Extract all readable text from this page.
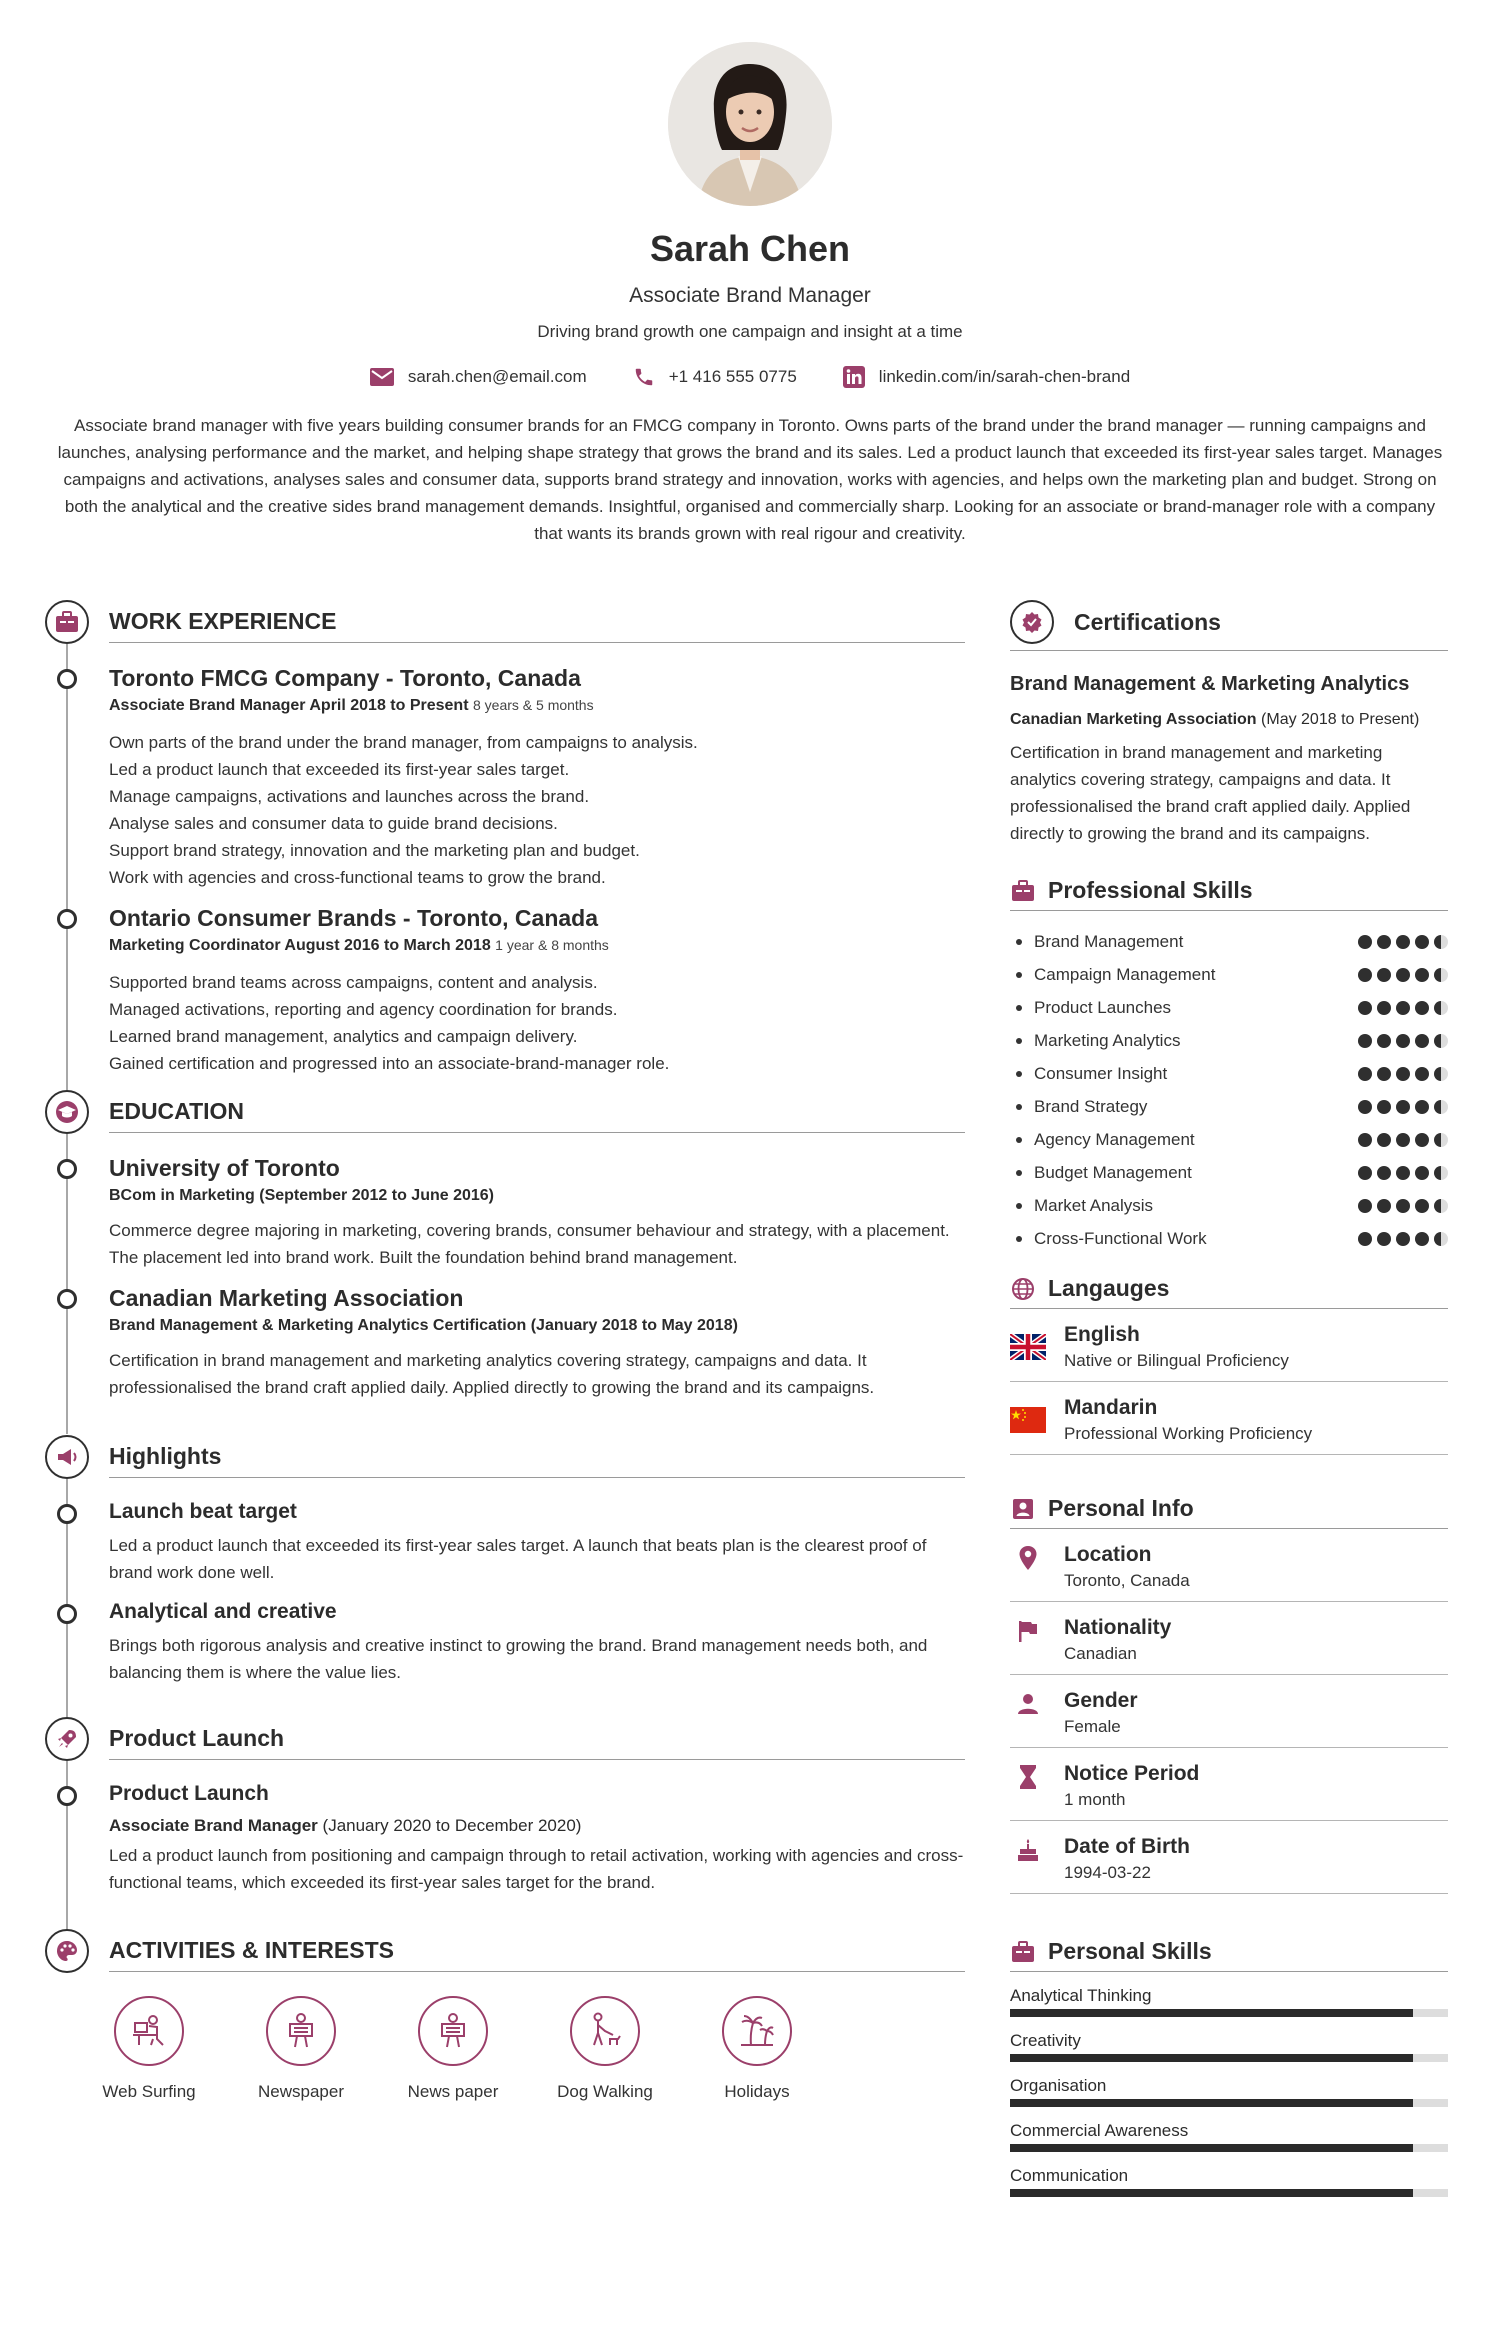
Sarah Chen
Associate Brand Manager
Driving brand growth one campaign and insight at a time
sarah.chen@email.com	+1 416 555 0775	linkedin.com/in/sarah-chen-brand
Associate brand manager with five years building consumer brands for an FMCG company in Toronto. Owns parts of the brand under the brand manager — running campaigns and launches, analysing performance and the market, and helping shape strategy that grows the brand and its sales. Led a product launch that exceeded its first-year sales target. Manages campaigns and activations, analyses sales and consumer data, supports brand strategy and innovation, works with agencies, and helps own the marketing plan and budget. Strong on both the analytical and the creative sides brand management demands. Insightful, organised and commercially sharp. Looking for an associate or brand-manager role with a company that wants its brands grown with real rigour and creativity.
WORK EXPERIENCE
Toronto FMCG Company - Toronto, Canada
Associate Brand Manager April 2018 to Present 8 years & 5 months
Own parts of the brand under the brand manager, from campaigns to analysis.
Led a product launch that exceeded its first-year sales target.
Manage campaigns, activations and launches across the brand.
Analyse sales and consumer data to guide brand decisions.
Support brand strategy, innovation and the marketing plan and budget.
Work with agencies and cross-functional teams to grow the brand.
Ontario Consumer Brands - Toronto, Canada
Marketing Coordinator August 2016 to March 2018 1 year & 8 months
Supported brand teams across campaigns, content and analysis.
Managed activations, reporting and agency coordination for brands.
Learned brand management, analytics and campaign delivery.
Gained certification and progressed into an associate-brand-manager role.
EDUCATION
University of Toronto
BCom in Marketing (September 2012 to June 2016)
Commerce degree majoring in marketing, covering brands, consumer behaviour and strategy, with a placement. The placement led into brand work. Built the foundation behind brand management.
Canadian Marketing Association
Brand Management & Marketing Analytics Certification (January 2018 to May 2018)
Certification in brand management and marketing analytics covering strategy, campaigns and data. It professionalised the brand craft applied daily. Applied directly to growing the brand and its campaigns.
Highlights
Launch beat target
Led a product launch that exceeded its first-year sales target. A launch that beats plan is the clearest proof of brand work done well.
Analytical and creative
Brings both rigorous analysis and creative instinct to growing the brand. Brand management needs both, and balancing them is where the value lies.
Product Launch
Product Launch
Associate Brand Manager (January 2020 to December 2020)
Led a product launch from positioning and campaign through to retail activation, working with agencies and cross-functional teams, which exceeded its first-year sales target for the brand.
ACTIVITIES & INTERESTS
Web Surfing	Newspaper	News paper	Dog Walking	Holidays
Certifications
Brand Management & Marketing Analytics
Canadian Marketing Association (May 2018 to Present)
Certification in brand management and marketing analytics covering strategy, campaigns and data. It professionalised the brand craft applied daily. Applied directly to growing the brand and its campaigns.
Professional Skills
Brand Management
Campaign Management
Product Launches
Marketing Analytics
Consumer Insight
Brand Strategy
Agency Management
Budget Management
Market Analysis
Cross-Functional Work
Langauges
English
Native or Bilingual Proficiency
Mandarin
Professional Working Proficiency
Personal Info
Location
Toronto, Canada
Nationality
Canadian
Gender
Female
Notice Period
1 month
Date of Birth
1994-03-22
Personal Skills
Analytical Thinking
Creativity
Organisation
Commercial Awareness
Communication
